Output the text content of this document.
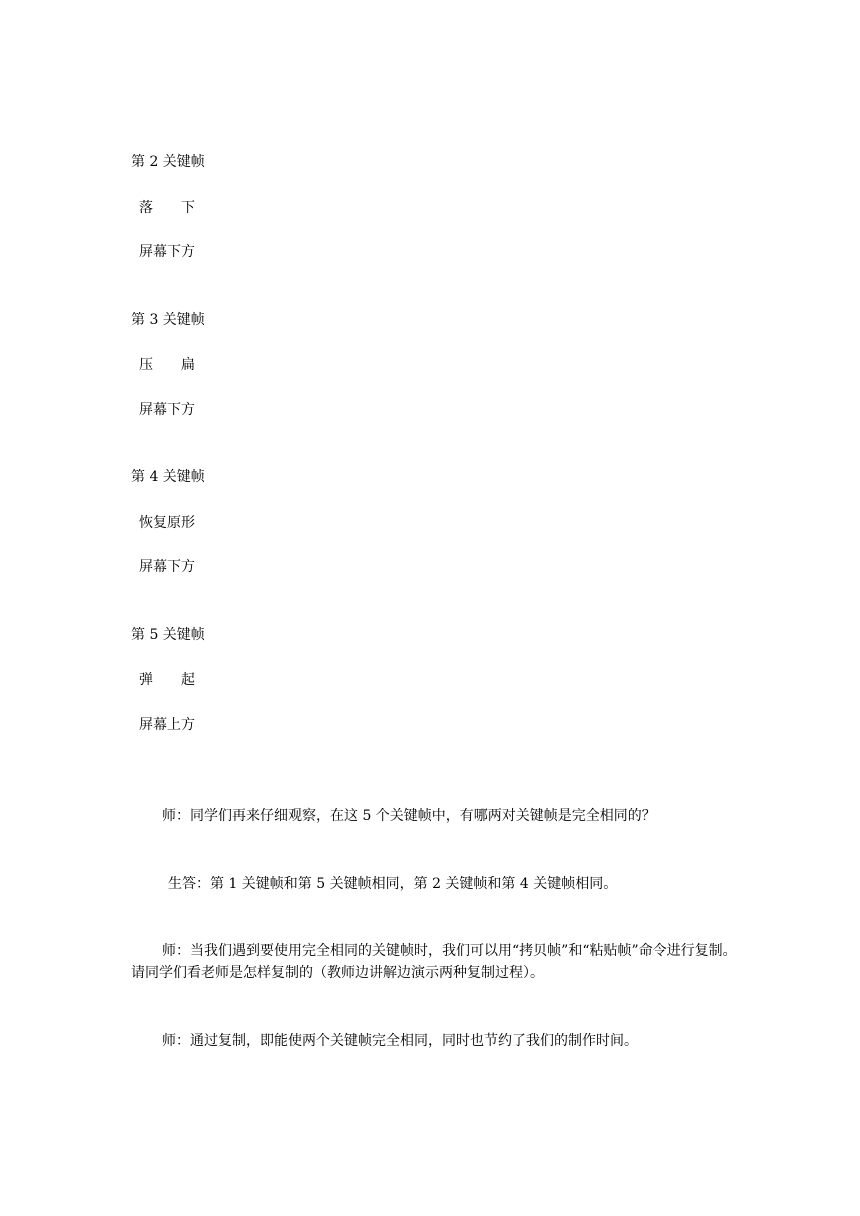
第 2 关键帧
落　　下
屏幕下方
第 3 关键帧
压　　扁
屏幕下方
第 4 关键帧
恢复原形
屏幕下方
第 5 关键帧
弹　　起
屏幕上方
师：同学们再来仔细观察，在这 5 个关键帧中，有哪两对关键帧是完全相同的？
生答：第 1 关键帧和第 5 关键帧相同，第 2 关键帧和第 4 关键帧相同。
师：当我们遇到要使用完全相同的关键帧时，我们可以用“拷贝帧”和“粘贴帧”命令进行复制。请同学们看老师是怎样复制的（教师边讲解边演示两种复制过程）。
师：通过复制，即能使两个关键帧完全相同，同时也节约了我们的制作时间。
